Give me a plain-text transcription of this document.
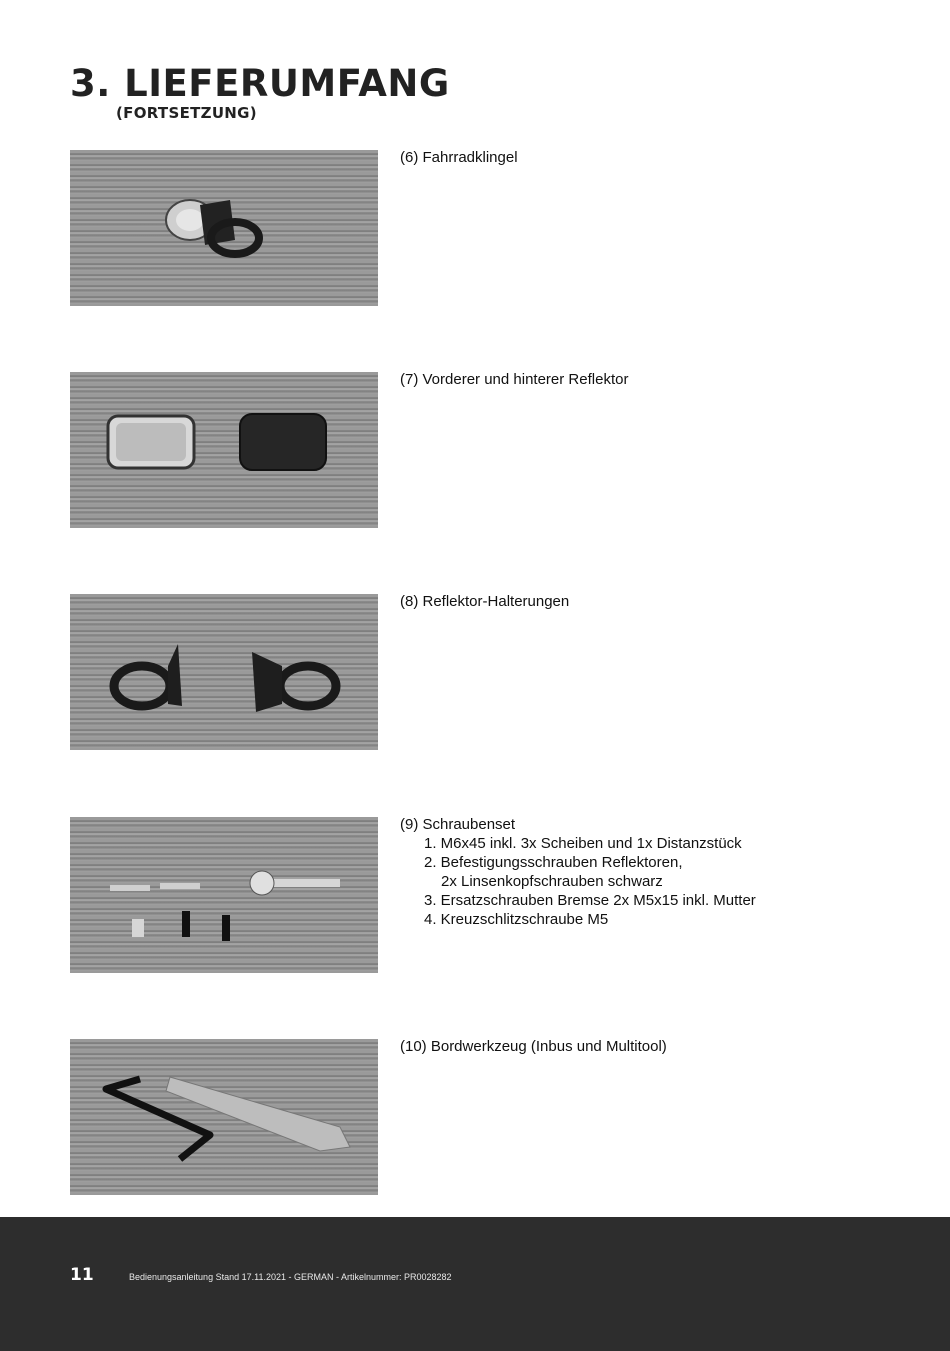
3. LIEFERUMFANG
(FORTSETZUNG)
(6) Fahrradklingel
(7) Vorderer und hinterer Reflektor
(8) Reflektor-Halterungen
(9) Schraubenset
1. M6x45 inkl. 3x Scheiben und 1x Distanzstück
2. Befestigungsschrauben Reflektoren,
2x Linsenkopfschrauben schwarz
3. Ersatzschrauben Bremse 2x M5x15 inkl. Mutter
4. Kreuzschlitzschraube M5
(10) Bordwerkzeug (Inbus und Multitool)
11	Bedienungsanleitung Stand 17.11.2021 - GERMAN - Artikelnummer: PR0028282
